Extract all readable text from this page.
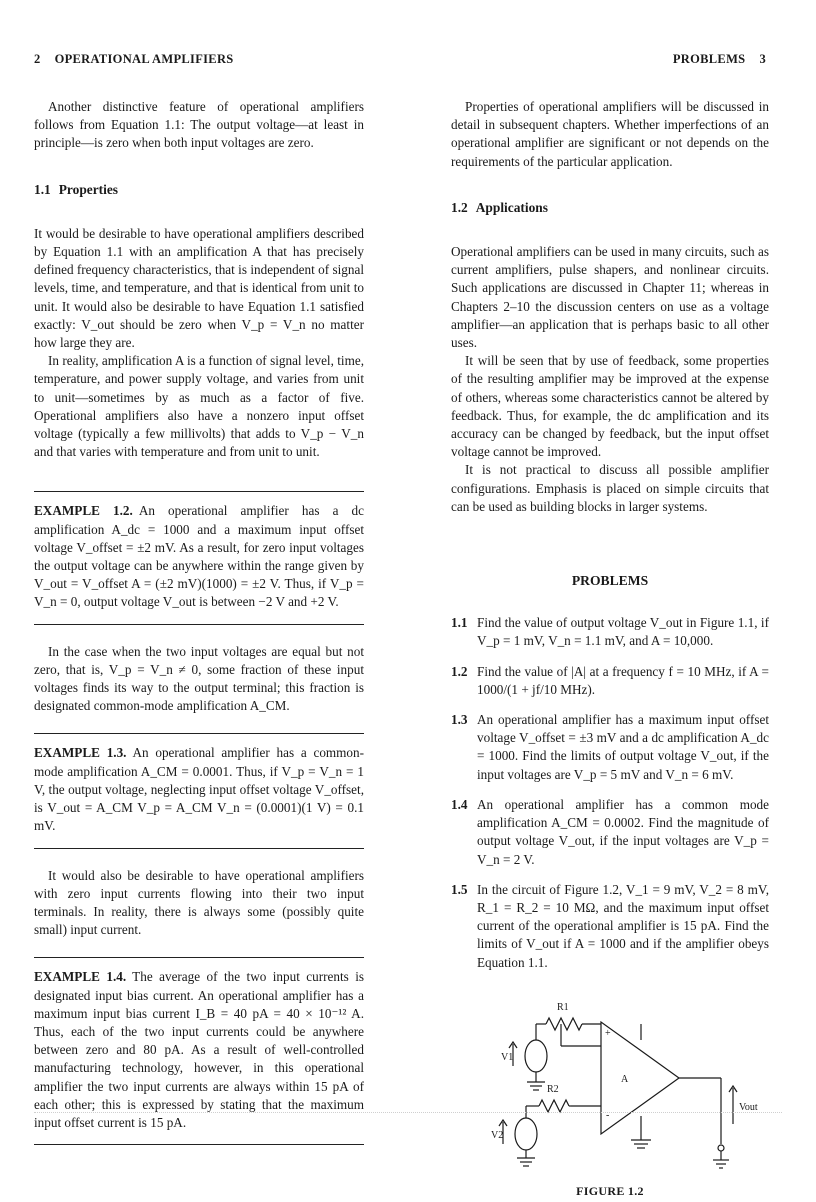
2 OPERATIONAL AMPLIFIERS	PROBLEMS 3

Another distinctive feature of operational amplifiers follows from Equation 1.1: The output voltage—at least in principle—is zero when both input voltages are zero.

1.1 Properties

It would be desirable to have operational amplifiers described by Equation 1.1 with an amplification A that has precisely defined frequency characteristics, that is independent of signal levels, time, and temperature, and that is identical from unit to unit. It would also be desirable to have Equation 1.1 satisfied exactly: V_out should be zero when V_p = V_n no matter how large they are.

In reality, amplification A is a function of signal level, time, temperature, and power supply voltage, and varies from unit to unit—sometimes by as much as a factor of five. Operational amplifiers also have a nonzero input offset voltage (typically a few millivolts) that adds to V_p − V_n and that varies with temperature and from unit to unit.

EXAMPLE 1.2. An operational amplifier has a dc amplification A_dc = 1000 and a maximum input offset voltage V_offset = ±2 mV. As a result, for zero input voltages the output voltage can be anywhere within the range given by V_out = V_offset A = (±2 mV)(1000) = ±2 V. Thus, if V_p = V_n = 0, output voltage V_out is between −2 V and +2 V.

In the case when the two input voltages are equal but not zero, that is, V_p = V_n ≠ 0, some fraction of these input voltages finds its way to the output terminal; this fraction is designated common-mode amplification A_CM.

EXAMPLE 1.3. An operational amplifier has a common-mode amplification A_CM = 0.0001. Thus, if V_p = V_n = 1 V, the output voltage, neglecting input offset voltage V_offset, is V_out = A_CM V_p = A_CM V_n = (0.0001)(1 V) = 0.1 mV.

It would also be desirable to have operational amplifiers with zero input currents flowing into their two input terminals. In reality, there is always some (possibly quite small) input current.

EXAMPLE 1.4. The average of the two input currents is designated input bias current. An operational amplifier has a maximum input bias current I_B = 40 pA = 40 × 10⁻¹² A. Thus, each of the two input currents could be anywhere between zero and 80 pA. As a result of well-controlled manufacturing technology, however, in this operational amplifier the two input currents are always within 15 pA of each other; this is expressed by stating that the maximum input offset current is 15 pA.

Properties of operational amplifiers will be discussed in detail in subsequent chapters. Whether imperfections of an operational amplifier are significant or not depends on the requirements of the particular application.

1.2 Applications

Operational amplifiers can be used in many circuits, such as current amplifiers, pulse shapers, and nonlinear circuits. Such applications are discussed in Chapter 11; whereas in Chapters 2–10 the discussion centers on use as a voltage amplifier—an application that is perhaps basic to all other uses.

It will be seen that by use of feedback, some properties of the resulting amplifier may be improved at the expense of others, whereas some characteristics cannot be altered by feedback. Thus, for example, the dc amplification and its accuracy can be changed by feedback, but the input offset voltage cannot be improved.

It is not practical to discuss all possible amplifier configurations. Emphasis is placed on simple circuits that can be used as building blocks in larger systems.

PROBLEMS
1.1 Find the value of output voltage V_out in Figure 1.1, if V_p = 1 mV, V_n = 1.1 mV, and A = 10,000.
1.2 Find the value of |A| at a frequency f = 10 MHz, if A = 1000/(1 + jf/10 MHz).
1.3 An operational amplifier has a maximum input offset voltage V_offset = ±3 mV and a dc amplification A_dc = 1000. Find the limits of output voltage V_out, if the input voltages are V_p = 5 mV and V_n = 6 mV.
1.4 An operational amplifier has a common mode amplification A_CM = 0.0002. Find the magnitude of output voltage V_out, if the input voltages are V_p = V_n = 2 V.
1.5 In the circuit of Figure 1.2, V_1 = 9 mV, V_2 = 8 mV, R_1 = R_2 = 10 MΩ, and the maximum input offset current of the operational amplifier is 15 pA. Find the limits of V_out if A = 1000 and if the amplifier obeys Equation 1.1.
R1
R2
A
+
-
V1
V2
Vout
FIGURE 1.2
